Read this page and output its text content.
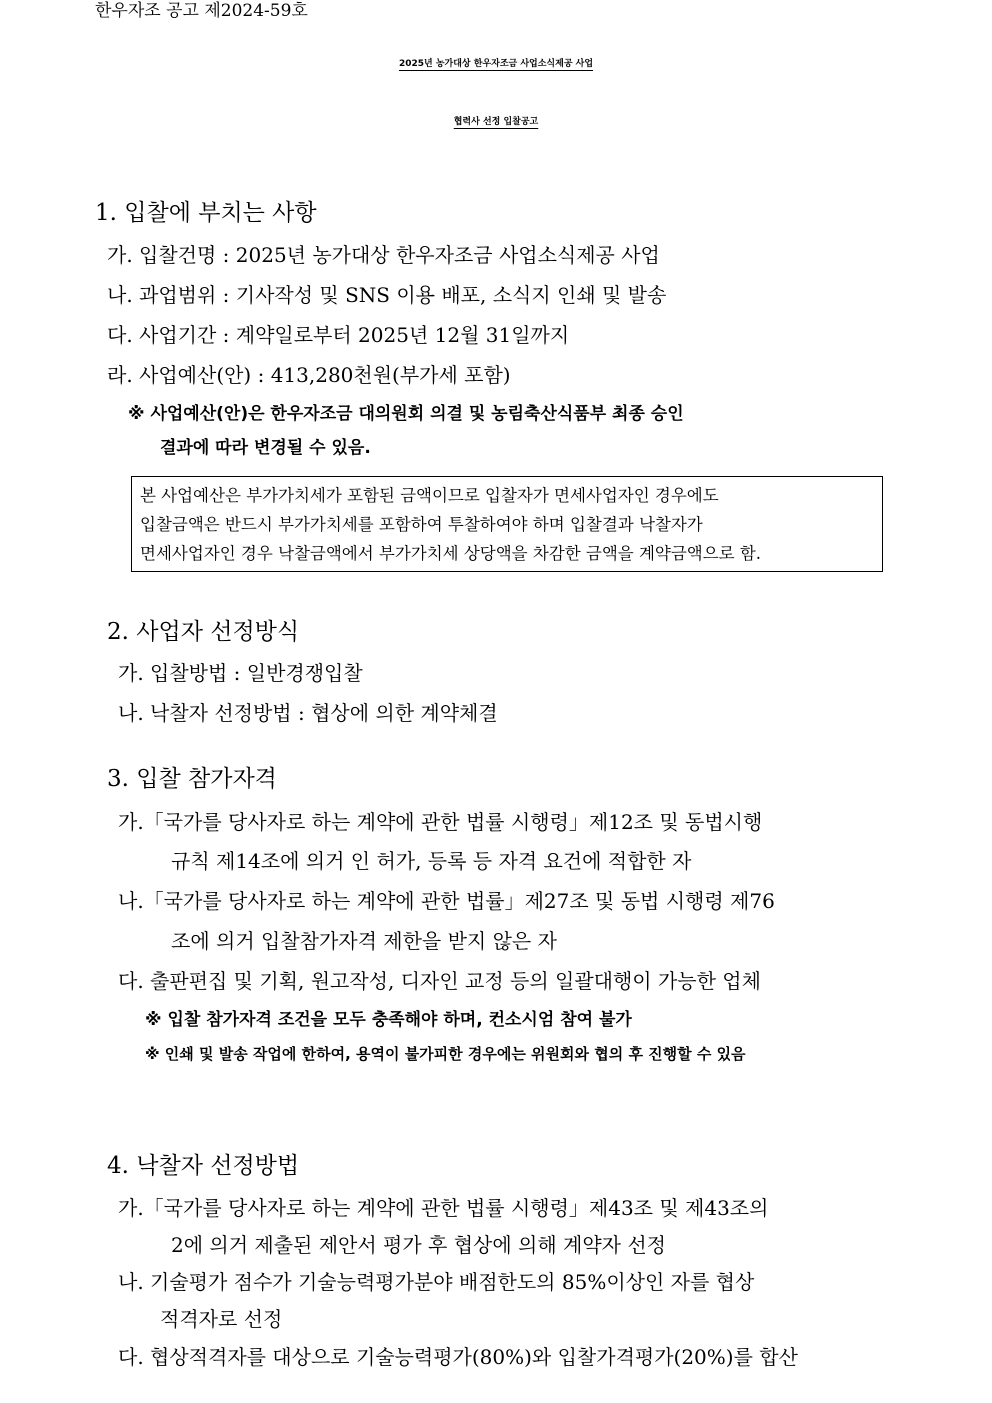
한우자조 공고 제2024-59호
2025년 농가대상 한우자조금 사업소식제공 사업
협력사 선정 입찰공고
1. 입찰에 부치는 사항
가. 입찰건명 : 2025년 농가대상 한우자조금 사업소식제공 사업
나. 과업범위 : 기사작성 및 SNS 이용 배포, 소식지 인쇄 및 발송
다. 사업기간 : 계약일로부터 2025년 12월 31일까지
라. 사업예산(안) : 413,280천원(부가세 포함)
※ 사업예산(안)은 한우자조금 대의원회 의결 및 농림축산식품부 최종 승인
결과에 따라 변경될 수 있음.
본 사업예산은 부가가치세가 포함된 금액이므로 입찰자가 면세사업자인 경우에도
입찰금액은 반드시 부가가치세를 포함하여 투찰하여야 하며 입찰결과 낙찰자가
면세사업자인 경우 낙찰금액에서 부가가치세 상당액을 차감한 금액을 계약금액으로 함.
2. 사업자 선정방식
가. 입찰방법 : 일반경쟁입찰
나. 낙찰자 선정방법 : 협상에 의한 계약체결
3. 입찰 참가자격
가.「국가를 당사자로 하는 계약에 관한 법률 시행령」제12조 및 동법시행
규칙 제14조에 의거 인 허가, 등록 등 자격 요건에 적합한 자
나.「국가를 당사자로 하는 계약에 관한 법률」제27조 및 동법 시행령 제76
조에 의거 입찰참가자격 제한을 받지 않은 자
다. 출판편집 및 기획, 원고작성, 디자인 교정 등의 일괄대행이 가능한 업체
※ 입찰 참가자격 조건을 모두 충족해야 하며, 컨소시엄 참여 불가
※ 인쇄 및 발송 작업에 한하여, 용역이 불가피한 경우에는 위원회와 협의 후 진행할 수 있음
4. 낙찰자 선정방법
가.「국가를 당사자로 하는 계약에 관한 법률 시행령」제43조 및 제43조의
2에 의거 제출된 제안서 평가 후 협상에 의해 계약자 선정
나. 기술평가 점수가 기술능력평가분야 배점한도의 85%이상인 자를 협상
적격자로 선정
다. 협상적격자를 대상으로 기술능력평가(80%)와 입찰가격평가(20%)를 합산
